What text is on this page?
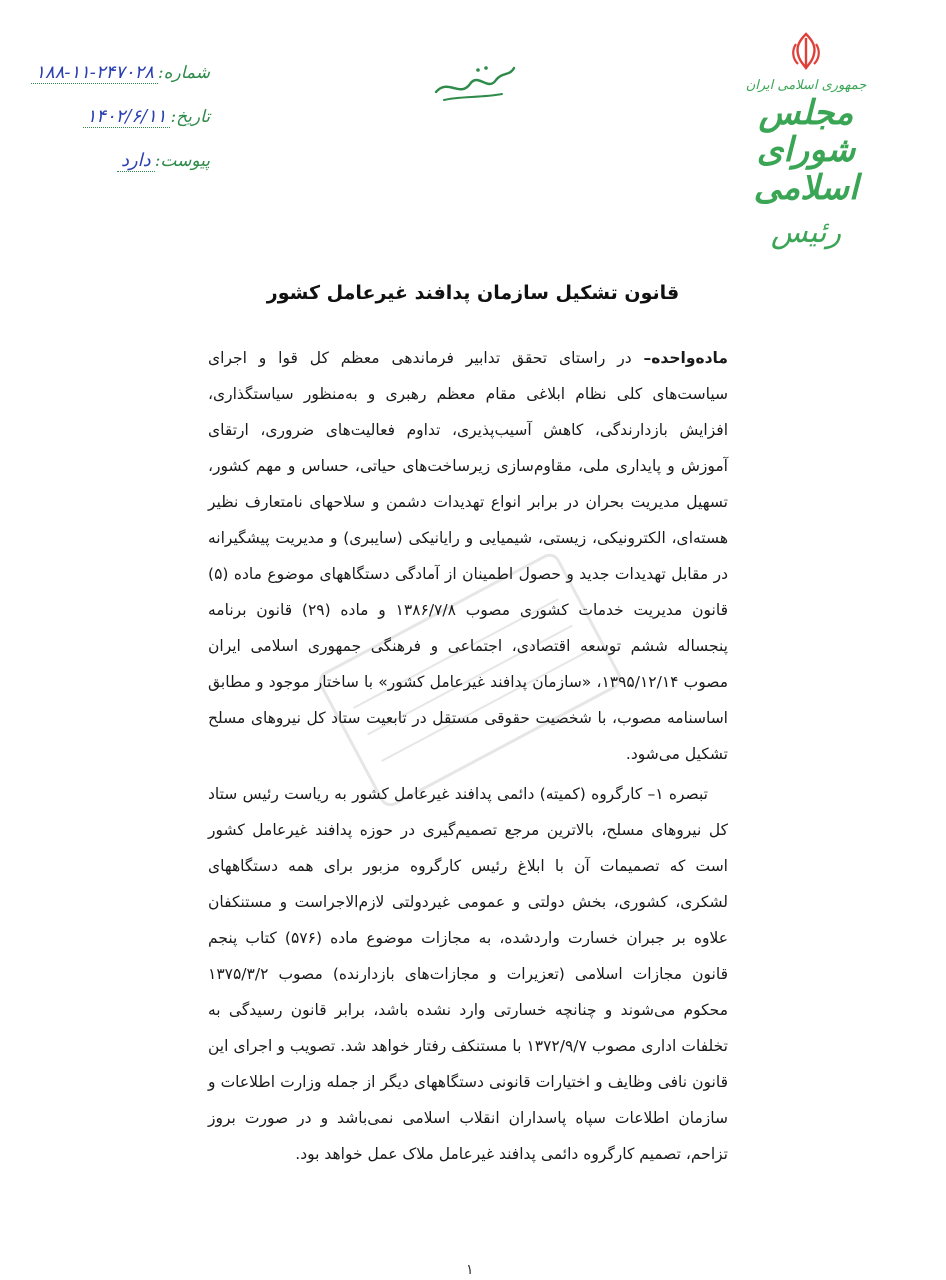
جمهوری اسلامی ایران
مجلس شورای اسلامی
رئیس
شماره:
۱۸۸-۱۱-۲۴۷۰۲۸
تاریخ:
۱۴۰۲/۶/۱۱
پیوست:
دارد
قانون تشکیل سازمان پدافند غیرعامل کشور

ماده‌واحده– در راستای تحقق تدابیر فرماندهی معظم کل قوا و اجرای سیاست‌های کلی نظام ابلاغی مقام معظم رهبری و به‌منظور سیاستگذاری، افزایش بازدارندگی، کاهش آسیب‌پذیری، تداوم فعالیت‌های ضروری، ارتقای آموزش و پایداری ملی، مقاوم‌سازی زیرساخت‌های حیاتی، حساس و مهم کشور، تسهیل مدیریت بحران در برابر انواع تهدیدات دشمن و سلاحهای نامتعارف نظیر هسته‌ای، الکترونیکی، زیستی، شیمیایی و رایانیکی (سایبری) و مدیریت پیشگیرانه در مقابل تهدیدات جدید و حصول اطمینان از آمادگی دستگاههای موضوع ماده (۵) قانون مدیریت خدمات کشوری مصوب ۱۳۸۶/۷/۸ و ماده (۲۹) قانون برنامه پنجساله ششم توسعه اقتصادی، اجتماعی و فرهنگی جمهوری اسلامی ایران مصوب ۱۳۹۵/۱۲/۱۴، «سازمان پدافند غیرعامل کشور» با ساختار موجود و مطابق اساسنامه مصوب، با شخصیت حقوقی مستقل در تابعیت ستاد کل نیروهای مسلح تشکیل می‌شود.

تبصره ۱– کارگروه (کمیته) دائمی پدافند غیرعامل کشور به ریاست رئیس ستاد کل نیروهای مسلح، بالاترین مرجع تصمیم‌گیری در حوزه پدافند غیرعامل کشور است که تصمیمات آن با ابلاغ رئیس کارگروه مزبور برای همه دستگاههای لشکری، کشوری، بخش دولتی و عمومی غیردولتی لازم‌الاجراست و مستنکفان علاوه بر جبران خسارت واردشده، به مجازات موضوع ماده (۵۷۶) کتاب پنجم قانون مجازات اسلامی (تعزیرات و مجازات‌های بازدارنده) مصوب ۱۳۷۵/۳/۲ محکوم می‌شوند و چنانچه خسارتی وارد نشده باشد، برابر قانون رسیدگی به تخلفات اداری مصوب ۱۳۷۲/۹/۷ با مستنکف رفتار خواهد شد. تصویب و اجرای این قانون نافی وظایف و اختیارات قانونی دستگاههای دیگر از جمله وزارت اطلاعات و سازمان اطلاعات سپاه پاسداران انقلاب اسلامی نمی‌باشد و در صورت بروز تزاحم، تصمیم کارگروه دائمی پدافند غیرعامل ملاک عمل خواهد بود.

۱
